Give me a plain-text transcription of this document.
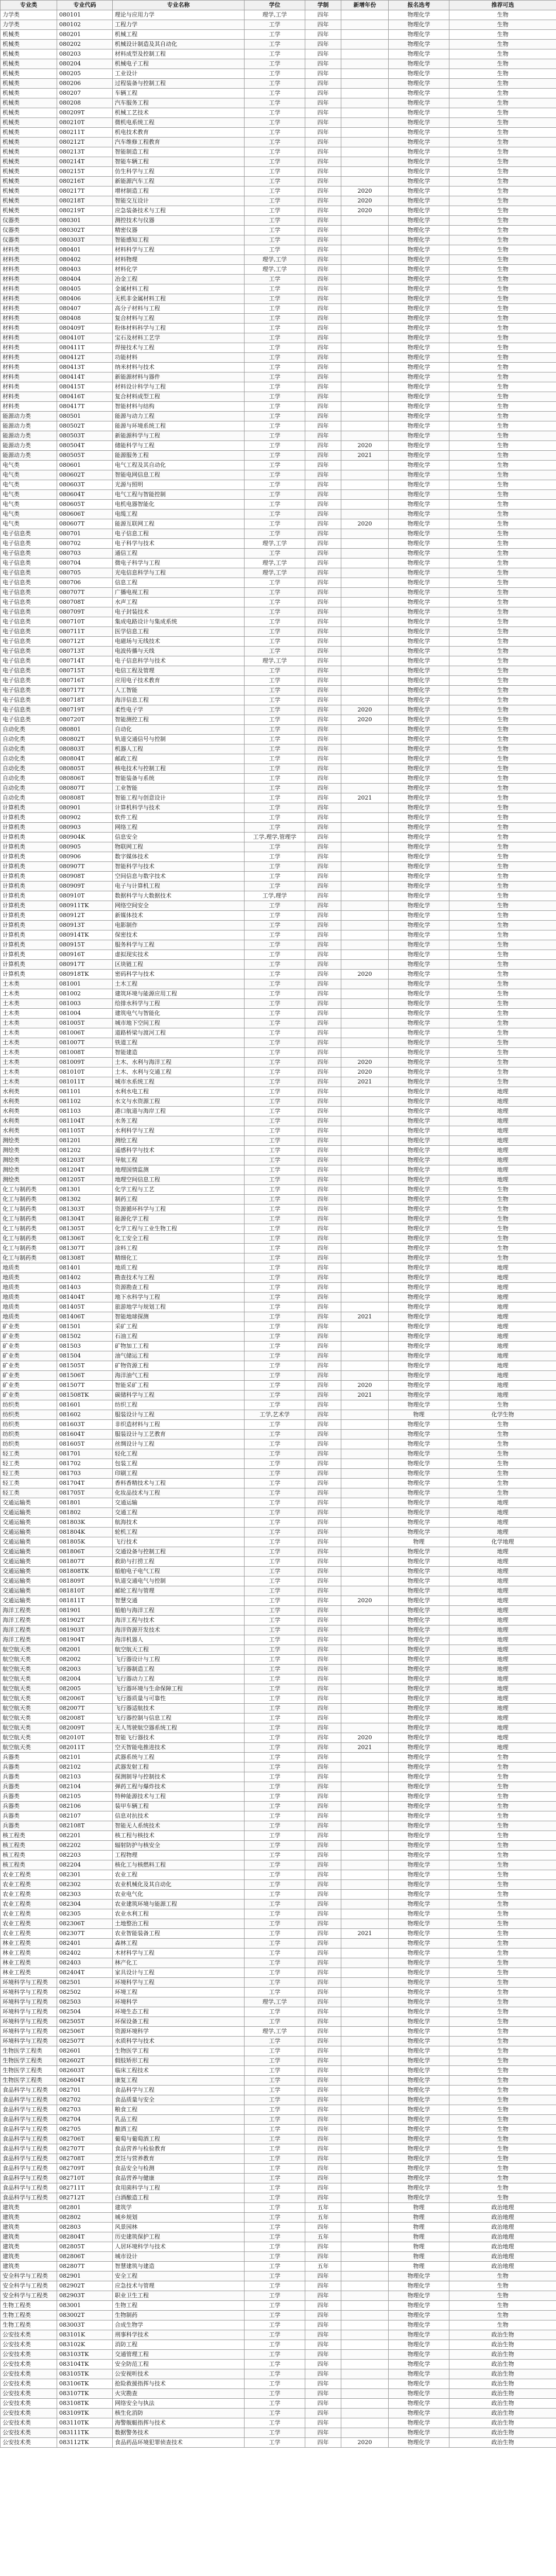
专业类	专业代码	专业名称	学位	学制	新增年份	报名选考	推荐可选
力学类	080101	理论与应用力学	理学,工学	四年		物理化学	生物
力学类	080102	工程力学	工学	四年		物理化学	生物
机械类	080201	机械工程	工学	四年		物理化学	生物
机械类	080202	机械设计制造及其自动化	工学	四年		物理化学	生物
机械类	080203	材料成型及控制工程	工学	四年		物理化学	生物
机械类	080204	机械电子工程	工学	四年		物理化学	生物
机械类	080205	工业设计	工学	四年		物理化学	生物
机械类	080206	过程装备与控制工程	工学	四年		物理化学	生物
机械类	080207	车辆工程	工学	四年		物理化学	生物
机械类	080208	汽车服务工程	工学	四年		物理化学	生物
机械类	080209T	机械工艺技术	工学	四年		物理化学	生物
机械类	080210T	微机电系统工程	工学	四年		物理化学	生物
机械类	080211T	机电技术教育	工学	四年		物理化学	生物
机械类	080212T	汽车维修工程教育	工学	四年		物理化学	生物
机械类	080213T	智能制造工程	工学	四年		物理化学	生物
机械类	080214T	智能车辆工程	工学	四年		物理化学	生物
机械类	080215T	仿生科学与工程	工学	四年		物理化学	生物
机械类	080216T	新能源汽车工程	工学	四年		物理化学	生物
机械类	080217T	增材制造工程	工学	四年	2020	物理化学	生物
机械类	080218T	智能交互设计	工学	四年	2020	物理化学	生物
机械类	080219T	应急装备技术与工程	工学	四年	2020	物理化学	生物
仪器类	080301	测控技术与仪器	工学	四年		物理化学	生物
仪器类	080302T	精密仪器	工学	四年		物理化学	生物
仪器类	080303T	智能感知工程	工学	四年		物理化学	生物
材料类	080401	材料科学与工程	工学	四年		物理化学	生物
材料类	080402	材料物理	理学,工学	四年		物理化学	生物
材料类	080403	材料化学	理学,工学	四年		物理化学	生物
材料类	080404	冶金工程	工学	四年		物理化学	生物
材料类	080405	金属材料工程	工学	四年		物理化学	生物
材料类	080406	无机非金属材料工程	工学	四年		物理化学	生物
材料类	080407	高分子材料与工程	工学	四年		物理化学	生物
材料类	080408	复合材料与工程	工学	四年		物理化学	生物
材料类	080409T	粉体材料科学与工程	工学	四年		物理化学	生物
材料类	080410T	宝石及材料工艺学	工学	四年		物理化学	生物
材料类	080411T	焊接技术与工程	工学	四年		物理化学	生物
材料类	080412T	功能材料	工学	四年		物理化学	生物
材料类	080413T	纳米材料与技术	工学	四年		物理化学	生物
材料类	080414T	新能源材料与器件	工学	四年		物理化学	生物
材料类	080415T	材料设计科学与工程	工学	四年		物理化学	生物
材料类	080416T	复合材料成型工程	工学	四年		物理化学	生物
材料类	080417T	智能材料与结构	工学	四年		物理化学	生物
能源动力类	080501	能源与动力工程	工学	四年		物理化学	生物
能源动力类	080502T	能源与环境系统工程	工学	四年		物理化学	生物
能源动力类	080503T	新能源科学与工程	工学	四年		物理化学	生物
能源动力类	080504T	储能科学与工程	工学	四年	2020	物理化学	生物
能源动力类	080505T	能源服务工程	工学	四年	2021	物理化学	生物
电气类	080601	电气工程及其自动化	工学	四年		物理化学	生物
电气类	080602T	智能电网信息工程	工学	四年		物理化学	生物
电气类	080603T	光源与照明	工学	四年		物理化学	生物
电气类	080604T	电气工程与智能控制	工学	四年		物理化学	生物
电气类	080605T	电机电器智能化	工学	四年		物理化学	生物
电气类	080606T	电缆工程	工学	四年		物理化学	生物
电气类	080607T	能源互联网工程	工学	四年	2020	物理化学	生物
电子信息类	080701	电子信息工程	工学	四年		物理化学	生物
电子信息类	080702	电子科学与技术	理学,工学	四年		物理化学	生物
电子信息类	080703	通信工程	工学	四年		物理化学	生物
电子信息类	080704	微电子科学与工程	理学,工学	四年		物理化学	生物
电子信息类	080705	光电信息科学与工程	理学,工学	四年		物理化学	生物
电子信息类	080706	信息工程	工学	四年		物理化学	生物
电子信息类	080707T	广播电视工程	工学	四年		物理化学	生物
电子信息类	080708T	水声工程	工学	四年		物理化学	生物
电子信息类	080709T	电子封装技术	工学	四年		物理化学	生物
电子信息类	080710T	集成电路设计与集成系统	工学	四年		物理化学	生物
电子信息类	080711T	医学信息工程	工学	四年		物理化学	生物
电子信息类	080712T	电磁场与无线技术	工学	四年		物理化学	生物
电子信息类	080713T	电波传播与天线	工学	四年		物理化学	生物
电子信息类	080714T	电子信息科学与技术	理学,工学	四年		物理化学	生物
电子信息类	080715T	电信工程及管理	工学	四年		物理化学	生物
电子信息类	080716T	应用电子技术教育	工学	四年		物理化学	生物
电子信息类	080717T	人工智能	工学	四年		物理化学	生物
电子信息类	080718T	海洋信息工程	工学	四年		物理化学	生物
电子信息类	080719T	柔性电子学	工学	四年	2020	物理化学	生物
电子信息类	080720T	智能测控工程	工学	四年	2020	物理化学	生物
自动化类	080801	自动化	工学	四年		物理化学	生物
自动化类	080802T	轨道交通信号与控制	工学	四年		物理化学	生物
自动化类	080803T	机器人工程	工学	四年		物理化学	生物
自动化类	080804T	邮政工程	工学	四年		物理化学	生物
自动化类	080805T	核电技术与控制工程	工学	四年		物理化学	生物
自动化类	080806T	智能装备与系统	工学	四年		物理化学	生物
自动化类	080807T	工业智能	工学	四年		物理化学	生物
自动化类	080808T	智能工程与创意设计	工学	四年	2021	物理化学	生物
计算机类	080901	计算机科学与技术	工学	四年		物理化学	生物
计算机类	080902	软件工程	工学	四年		物理化学	生物
计算机类	080903	网络工程	工学	四年		物理化学	生物
计算机类	080904K	信息安全	工学,理学,管理学	四年		物理化学	生物
计算机类	080905	物联网工程	工学	四年		物理化学	生物
计算机类	080906	数字媒体技术	工学	四年		物理化学	生物
计算机类	080907T	智能科学与技术	工学	四年		物理化学	生物
计算机类	080908T	空间信息与数字技术	工学	四年		物理化学	生物
计算机类	080909T	电子与计算机工程	工学	四年		物理化学	生物
计算机类	080910T	数据科学与大数据技术	工学,理学	四年		物理化学	生物
计算机类	080911TK	网络空间安全	工学	四年		物理化学	生物
计算机类	080912T	新媒体技术	工学	四年		物理化学	生物
计算机类	080913T	电影制作	工学	四年		物理化学	生物
计算机类	080914TK	保密技术	工学	四年		物理化学	生物
计算机类	080915T	服务科学与工程	工学	四年		物理化学	生物
计算机类	080916T	虚拟现实技术	工学	四年		物理化学	生物
计算机类	080917T	区块链工程	工学	四年		物理化学	生物
计算机类	080918TK	密码科学与技术	工学	四年	2020	物理化学	生物
土木类	081001	土木工程	工学	四年		物理化学	生物
土木类	081002	建筑环境与能源应用工程	工学	四年		物理化学	生物
土木类	081003	给排水科学与工程	工学	四年		物理化学	生物
土木类	081004	建筑电气与智能化	工学	四年		物理化学	生物
土木类	081005T	城市地下空间工程	工学	四年		物理化学	生物
土木类	081006T	道路桥梁与渡河工程	工学	四年		物理化学	生物
土木类	081007T	铁道工程	工学	四年		物理化学	生物
土木类	081008T	智能建造	工学	四年		物理化学	生物
土木类	081009T	土木、水利与海洋工程	工学	四年	2020	物理化学	生物
土木类	081010T	土木、水利与交通工程	工学	四年	2020	物理化学	生物
土木类	081011T	城市水系统工程	工学	四年	2021	物理化学	生物
水利类	081101	水利水电工程	工学	四年		物理化学	地理
水利类	081102	水文与水资源工程	工学	四年		物理化学	地理
水利类	081103	港口航道与海岸工程	工学	四年		物理化学	地理
水利类	081104T	水务工程	工学	四年		物理化学	地理
水利类	081105T	水利科学与工程	工学	四年		物理化学	地理
测绘类	081201	测绘工程	工学	四年		物理化学	地理
测绘类	081202	遥感科学与技术	工学	四年		物理化学	地理
测绘类	081203T	导航工程	工学	四年		物理化学	地理
测绘类	081204T	地理国情监测	工学	四年		物理化学	地理
测绘类	081205T	地理空间信息工程	工学	四年		物理化学	地理
化工与制药类	081301	化学工程与工艺	工学	四年		物理化学	生物
化工与制药类	081302	制药工程	工学	四年		物理化学	生物
化工与制药类	081303T	资源循环科学与工程	工学	四年		物理化学	生物
化工与制药类	081304T	能源化学工程	工学	四年		物理化学	生物
化工与制药类	081305T	化学工程与工业生物工程	工学	四年		物理化学	生物
化工与制药类	081306T	化工安全工程	工学	四年		物理化学	生物
化工与制药类	081307T	涂料工程	工学	四年		物理化学	生物
化工与制药类	081308T	精细化工	工学	四年		物理化学	生物
地质类	081401	地质工程	工学	四年		物理化学	地理
地质类	081402	勘查技术与工程	工学	四年		物理化学	地理
地质类	081403	资源勘查工程	工学	四年		物理化学	地理
地质类	081404T	地下水科学与工程	工学	四年		物理化学	地理
地质类	081405T	旅游地学与规划工程	工学	四年		物理化学	地理
地质类	081406T	智能地球探测	工学	四年	2021	物理化学	地理
矿业类	081501	采矿工程	工学	四年		物理化学	地理
矿业类	081502	石油工程	工学	四年		物理化学	地理
矿业类	081503	矿物加工工程	工学	四年		物理化学	地理
矿业类	081504	油气储运工程	工学	四年		物理化学	地理
矿业类	081505T	矿物资源工程	工学	四年		物理化学	地理
矿业类	081506T	海洋油气工程	工学	四年		物理化学	地理
矿业类	081507T	智能采矿工程	工学	四年	2020	物理化学	地理
矿业类	081508TK	碳储科学与工程	工学	四年	2021	物理化学	地理
纺织类	081601	纺织工程	工学	四年		物理化学	生物
纺织类	081602	服装设计与工程	工学,艺术学	四年		物理	化学生物
纺织类	081603T	非织造材料与工程	工学	四年		物理化学	生物
纺织类	081604T	服装设计与工艺教育	工学	四年		物理化学	生物
纺织类	081605T	丝绸设计与工程	工学	四年		物理化学	生物
轻工类	081701	轻化工程	工学	四年		物理化学	生物
轻工类	081702	包装工程	工学	四年		物理化学	生物
轻工类	081703	印刷工程	工学	四年		物理化学	生物
轻工类	081704T	香料香精技术与工程	工学	四年		物理化学	生物
轻工类	081705T	化妆品技术与工程	工学	四年		物理化学	生物
交通运输类	081801	交通运输	工学	四年		物理化学	地理
交通运输类	081802	交通工程	工学	四年		物理化学	地理
交通运输类	081803K	航海技术	工学	四年		物理化学	地理
交通运输类	081804K	轮机工程	工学	四年		物理化学	地理
交通运输类	081805K	飞行技术	工学	四年		物理	化学地理
交通运输类	081806T	交通设备与控制工程	工学	四年		物理化学	地理
交通运输类	081807T	救助与打捞工程	工学	四年		物理化学	地理
交通运输类	081808TK	船舶电子电气工程	工学	四年		物理化学	地理
交通运输类	081809T	轨道交通电气与控制	工学	四年		物理化学	地理
交通运输类	081810T	邮轮工程与管理	工学	四年		物理化学	地理
交通运输类	081811T	智慧交通	工学	四年	2020	物理化学	地理
海洋工程类	081901	船舶与海洋工程	工学	四年		物理化学	地理
海洋工程类	081902T	海洋工程与技术	工学	四年		物理化学	地理
海洋工程类	081903T	海洋资源开发技术	工学	四年		物理化学	地理
海洋工程类	081904T	海洋机器人	工学	四年		物理化学	地理
航空航天类	082001	航空航天工程	工学	四年		物理化学	地理
航空航天类	082002	飞行器设计与工程	工学	四年		物理化学	地理
航空航天类	082003	飞行器制造工程	工学	四年		物理化学	地理
航空航天类	082004	飞行器动力工程	工学	四年		物理化学	地理
航空航天类	082005	飞行器环境与生命保障工程	工学	四年		物理化学	地理
航空航天类	082006T	飞行器质量与可靠性	工学	四年		物理化学	地理
航空航天类	082007T	飞行器适航技术	工学	四年		物理化学	地理
航空航天类	082008T	飞行器控制与信息工程	工学	四年		物理化学	地理
航空航天类	082009T	无人驾驶航空器系统工程	工学	四年		物理化学	地理
航空航天类	082010T	智能飞行器技术	工学	四年	2020	物理化学	地理
航空航天类	082011T	空天智能电推进技术	工学	四年	2021	物理化学	地理
兵器类	082101	武器系统与工程	工学	四年		物理化学	生物
兵器类	082102	武器发射工程	工学	四年		物理化学	生物
兵器类	082103	探测制导与控制技术	工学	四年		物理化学	生物
兵器类	082104	弹药工程与爆炸技术	工学	四年		物理化学	生物
兵器类	082105	特种能源技术与工程	工学	四年		物理化学	生物
兵器类	082106	装甲车辆工程	工学	四年		物理化学	生物
兵器类	082107	信息对抗技术	工学	四年		物理化学	生物
兵器类	082108T	智能无人系统技术	工学	四年		物理化学	生物
核工程类	082201	核工程与核技术	工学	四年		物理化学	生物
核工程类	082202	辐射防护与核安全	工学	四年		物理化学	生物
核工程类	082203	工程物理	工学	四年		物理化学	生物
核工程类	082204	核化工与核燃料工程	工学	四年		物理化学	生物
农业工程类	082301	农业工程	工学	四年		物理化学	生物
农业工程类	082302	农业机械化及其自动化	工学	四年		物理化学	生物
农业工程类	082303	农业电气化	工学	四年		物理化学	生物
农业工程类	082304	农业建筑环境与能源工程	工学	四年		物理化学	生物
农业工程类	082305	农业水利工程	工学	四年		物理化学	生物
农业工程类	082306T	土地整治工程	工学	四年		物理化学	生物
农业工程类	082307T	农业智能装备工程	工学	四年	2021	物理化学	生物
林业工程类	082401	森林工程	工学	四年		物理化学	生物
林业工程类	082402	木材科学与工程	工学	四年		物理化学	生物
林业工程类	082403	林产化工	工学	四年		物理化学	生物
林业工程类	082404T	家具设计与工程	工学	四年		物理化学	生物
环境科学与工程类	082501	环境科学与工程	工学	四年		物理化学	生物
环境科学与工程类	082502	环境工程	工学	四年		物理化学	生物
环境科学与工程类	082503	环境科学	理学,工学	四年		物理化学	生物
环境科学与工程类	082504	环境生态工程	工学	四年		物理化学	生物
环境科学与工程类	082505T	环保设备工程	工学	四年		物理化学	生物
环境科学与工程类	082506T	资源环境科学	理学,工学	四年		物理化学	生物
环境科学与工程类	082507T	水质科学与技术	工学	四年		物理化学	生物
生物医学工程类	082601	生物医学工程	工学	四年		物理化学	生物
生物医学工程类	082602T	假肢矫形工程	工学	四年		物理化学	生物
生物医学工程类	082603T	临床工程技术	工学	四年		物理化学	生物
生物医学工程类	082604T	康复工程	工学	四年		物理化学	生物
食品科学与工程类	082701	食品科学与工程	工学	四年		物理化学	生物
食品科学与工程类	082702	食品质量与安全	工学	四年		物理化学	生物
食品科学与工程类	082703	粮食工程	工学	四年		物理化学	生物
食品科学与工程类	082704	乳品工程	工学	四年		物理化学	生物
食品科学与工程类	082705	酿酒工程	工学	四年		物理化学	生物
食品科学与工程类	082706T	葡萄与葡萄酒工程	工学	四年		物理化学	生物
食品科学与工程类	082707T	食品营养与检验教育	工学	四年		物理化学	生物
食品科学与工程类	082708T	烹饪与营养教育	工学	四年		物理化学	生物
食品科学与工程类	082709T	食品安全与检测	工学	四年		物理化学	生物
食品科学与工程类	082710T	食品营养与健康	工学	四年		物理化学	生物
食品科学与工程类	082711T	食用菌科学与工程	工学	四年		物理化学	生物
食品科学与工程类	082712T	白酒酿造工程	工学	四年		物理化学	生物
建筑类	082801	建筑学	工学	五年		物理	政治地理
建筑类	082802	城乡规划	工学	五年		物理	政治地理
建筑类	082803	风景园林	工学	四年		物理	政治地理
建筑类	082804T	历史建筑保护工程	工学	五年		物理	政治地理
建筑类	082805T	人居环境科学与技术	工学	四年		物理	政治地理
建筑类	082806T	城市设计	工学	四年		物理	政治地理
建筑类	082807T	智慧建筑与建造	工学	五年		物理	政治地理
安全科学与工程类	082901	安全工程	工学	四年		物理化学	生物
安全科学与工程类	082902T	应急技术与管理	工学	四年		物理化学	生物
安全科学与工程类	082903T	职业卫生工程	工学	四年		物理化学	生物
生物工程类	083001	生物工程	工学	四年		物理化学	生物
生物工程类	083002T	生物制药	工学	四年		物理化学	生物
生物工程类	083003T	合成生物学	工学	四年		物理化学	生物
公安技术类	083101K	刑事科学技术	工学	四年		物理化学	政治生物
公安技术类	083102K	消防工程	工学	四年		物理化学	政治生物
公安技术类	083103TK	交通管理工程	工学	四年		物理化学	政治生物
公安技术类	083104TK	安全防范工程	工学	四年		物理化学	政治生物
公安技术类	083105TK	公安视听技术	工学	四年		物理化学	政治生物
公安技术类	083106TK	抢险救援指挥与技术	工学	四年		物理化学	政治生物
公安技术类	083107TK	火灾勘查	工学	四年		物理化学	政治生物
公安技术类	083108TK	网络安全与执法	工学	四年		物理化学	政治生物
公安技术类	083109TK	核生化消防	工学	四年		物理化学	政治生物
公安技术类	083110TK	海警舰艇指挥与技术	工学	四年		物理化学	政治生物
公安技术类	083111TK	数据警务技术	工学	四年		物理化学	政治生物
公安技术类	083112TK	食品药品环境犯罪侦查技术	工学	四年	2020	物理化学	政治生物
